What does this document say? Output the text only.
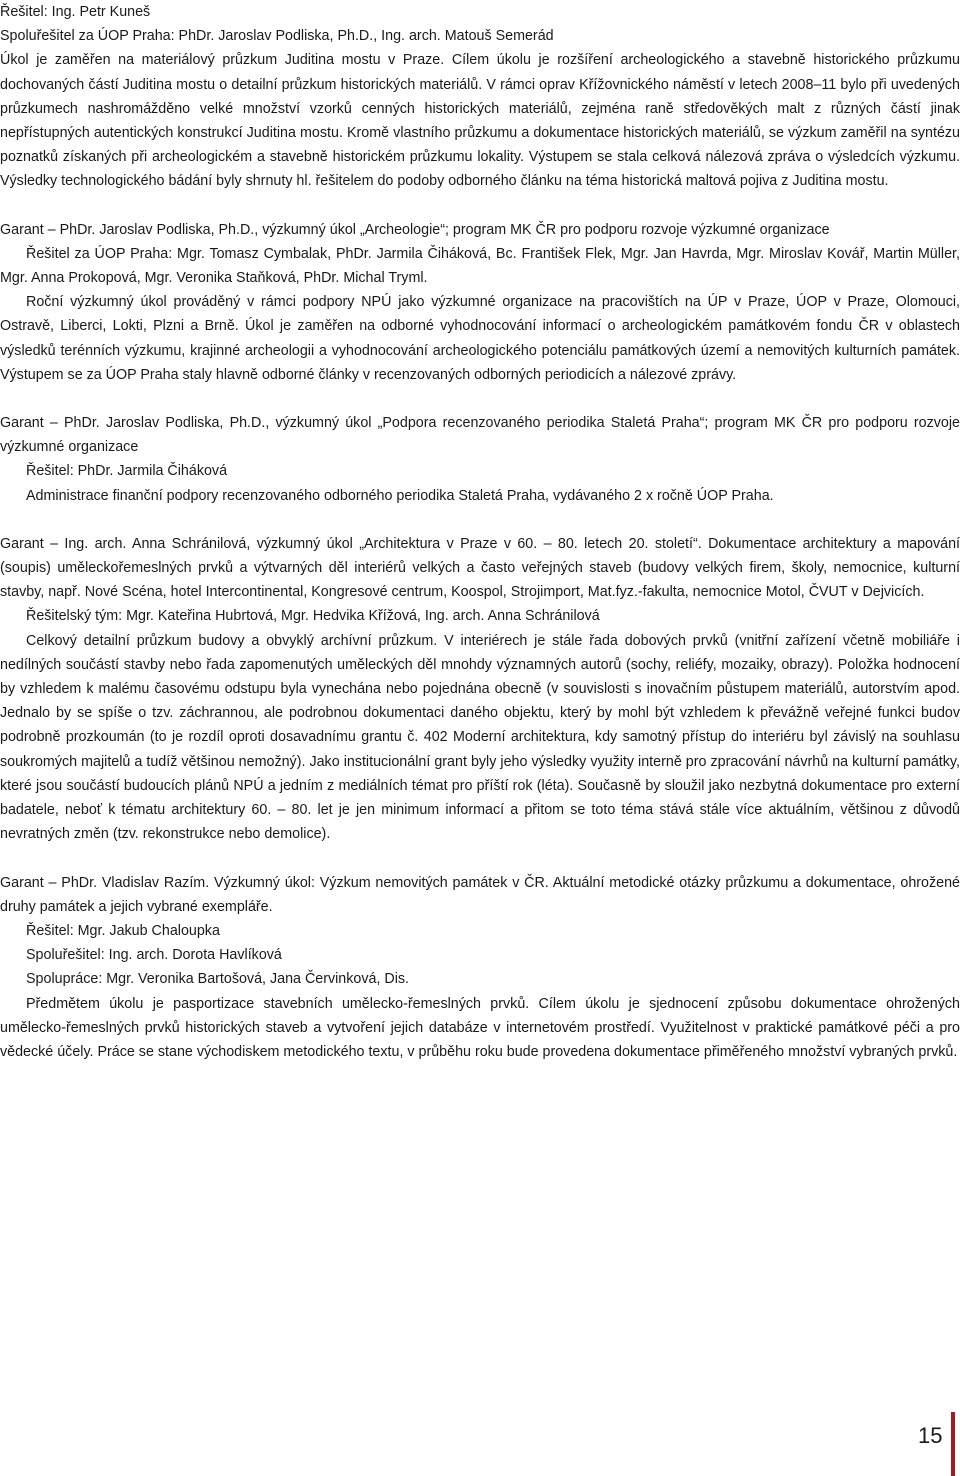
Řešitel: Ing. Petr Kuneš

Spoluřešitel za ÚOP Praha: PhDr. Jaroslav Podliska, Ph.D., Ing. arch. Matouš Semerád

Úkol je zaměřen na materiálový průzkum Juditina mostu v Praze. Cílem úkolu je rozšíření archeologického a stavebně historického průzkumu dochovaných částí Juditina mostu o detailní průzkum historických materiálů. V rámci oprav Křížovnického náměstí v letech 2008–11 bylo při uvedených průzkumech nashromážděno velké množství vzorků cenných historických materiálů, zejména raně středověkých malt z různých částí jinak nepřístupných autentických konstrukcí Juditina mostu. Kromě vlastního průzkumu a dokumentace historických materiálů, se výzkum zaměřil na syntézu poznatků získaných při archeologickém a stavebně historickém průzkumu lokality. Výstupem se stala celková nálezová zpráva o výsledcích výzkumu. Výsledky technologického bádání byly shrnuty hl. řešitelem do podoby odborného článku na téma historická maltová pojiva z Juditina mostu.

Garant – PhDr. Jaroslav Podliska, Ph.D., výzkumný úkol „Archeologie“; program MK ČR pro podporu rozvoje výzkumné organizace

Řešitel za ÚOP Praha: Mgr. Tomasz Cymbalak, PhDr. Jarmila Čiháková, Bc. František Flek, Mgr. Jan Havrda, Mgr. Miroslav Kovář, Martin Müller, Mgr. Anna Prokopová, Mgr. Veronika Staňková, PhDr. Michal Tryml.

Roční výzkumný úkol prováděný v rámci podpory NPÚ jako výzkumné organizace na pracovištích na ÚP v Praze, ÚOP v Praze, Olomouci, Ostravě, Liberci, Lokti, Plzni a Brně. Úkol je zaměřen na odborné vyhodnocování informací o archeologickém památkovém fondu ČR v oblastech výsledků terénních výzkumu, krajinné archeologii a vyhodnocování archeologického potenciálu památkových území a nemovitých kulturních památek. Výstupem se za ÚOP Praha staly hlavně odborné články v recenzovaných odborných periodicích a nálezové zprávy.

Garant – PhDr. Jaroslav Podliska, Ph.D., výzkumný úkol „Podpora recenzovaného periodika Staletá Praha“; program MK ČR pro podporu rozvoje výzkumné organizace

Řešitel: PhDr. Jarmila Čiháková

Administrace finanční podpory recenzovaného odborného periodika Staletá Praha, vydávaného 2 x ročně ÚOP Praha.

Garant – Ing. arch. Anna Schránilová, výzkumný úkol „Architektura v Praze v 60. – 80. letech 20. století“. Dokumentace architektury a mapování (soupis) uměleckořemeslných prvků a výtvarných děl interiérů velkých a často veřejných staveb (budovy velkých firem, školy, nemocnice, kulturní stavby, např. Nové Scéna, hotel Intercontinental, Kongresové centrum, Koospol, Strojimport, Mat.fyz.-fakulta, nemocnice Motol, ČVUT v Dejvicích.

Řešitelský tým: Mgr. Kateřina Hubrtová, Mgr. Hedvika Křížová, Ing. arch. Anna Schránilová

Celkový detailní průzkum budovy a obvyklý archívní průzkum. V interiérech je stále řada dobových prvků (vnitřní zařízení včetně mobiliáře i nedílných součástí stavby nebo řada zapomenutých uměleckých děl mnohdy významných autorů (sochy, reliéfy, mozaiky, obrazy). Položka hodnocení by vzhledem k malému časovému odstupu byla vynechána nebo pojednána obecně (v souvislosti s inovačním půstupem materiálů, autorstvím apod. Jednalo by se spíše o tzv. záchrannou, ale podrobnou dokumentaci daného objektu, který by mohl být vzhledem k převážně veřejné funkci budov podrobně prozkoumán (to je rozdíl oproti dosavadnímu grantu č. 402 Moderní architektura, kdy samotný přístup do interiéru byl závislý na souhlasu soukromých majitelů a tudíž většinou nemožný). Jako institucionální grant byly jeho výsledky využity interně pro zpracování návrhů na kulturní památky, které jsou součástí budoucích plánů NPÚ a jedním z mediálních témat pro příští rok (léta). Současně by sloužil jako nezbytná dokumentace pro externí badatele, neboť k tématu architektury 60. – 80. let je jen minimum informací a přitom se toto téma stává stále více aktuálním, většinou z důvodů nevratných změn (tzv. rekonstrukce nebo demolice).

Garant – PhDr. Vladislav Razím. Výzkumný úkol: Výzkum nemovitých památek v ČR. Aktuální metodické otázky průzkumu a dokumentace, ohrožené druhy památek a jejich vybrané exempláře.

Řešitel: Mgr. Jakub Chaloupka

Spoluřešitel: Ing. arch. Dorota Havlíková

Spolupráce: Mgr. Veronika Bartošová, Jana Červinková, Dis.

Předmětem úkolu je pasportizace stavebních umělecko-řemeslných prvků. Cílem úkolu je sjednocení způsobu dokumentace ohrožených umělecko-řemeslných prvků historických staveb a vytvoření jejich databáze v internetovém prostředí. Využitelnost v praktické památkové péči a pro vědecké účely. Práce se stane východiskem metodického textu, v průběhu roku bude provedena dokumentace přiměřeného množství vybraných prvků.

15
